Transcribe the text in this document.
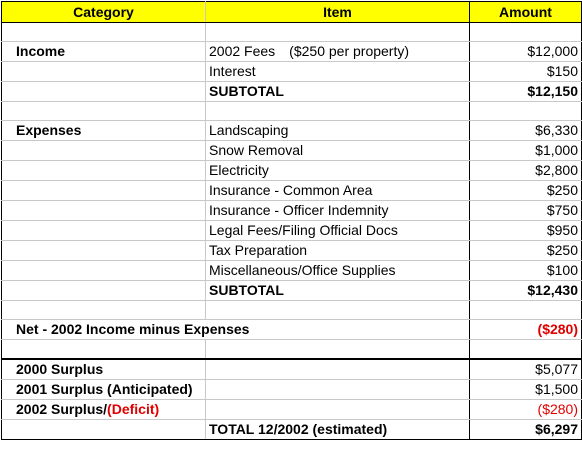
Category	Item	Amount

Income	2002 Fees ($250 per property)	$12,000
	Interest	$150
	SUBTOTAL	$12,150

Expenses	Landscaping	$6,330
	Snow Removal	$1,000
	Electricity	$2,800
	Insurance - Common Area	$250
	Insurance - Officer Indemnity	$750
	Legal Fees/Filing Official Docs	$950
	Tax Preparation	$250
	Miscellaneous/Office Supplies	$100
	SUBTOTAL	$12,430

Net - 2002 Income minus Expenses		($280)

2000 Surplus		$5,077
2001 Surplus (Anticipated)		$1,500
2002 Surplus/(Deficit)		($280)
	TOTAL 12/2002 (estimated)	$6,297
